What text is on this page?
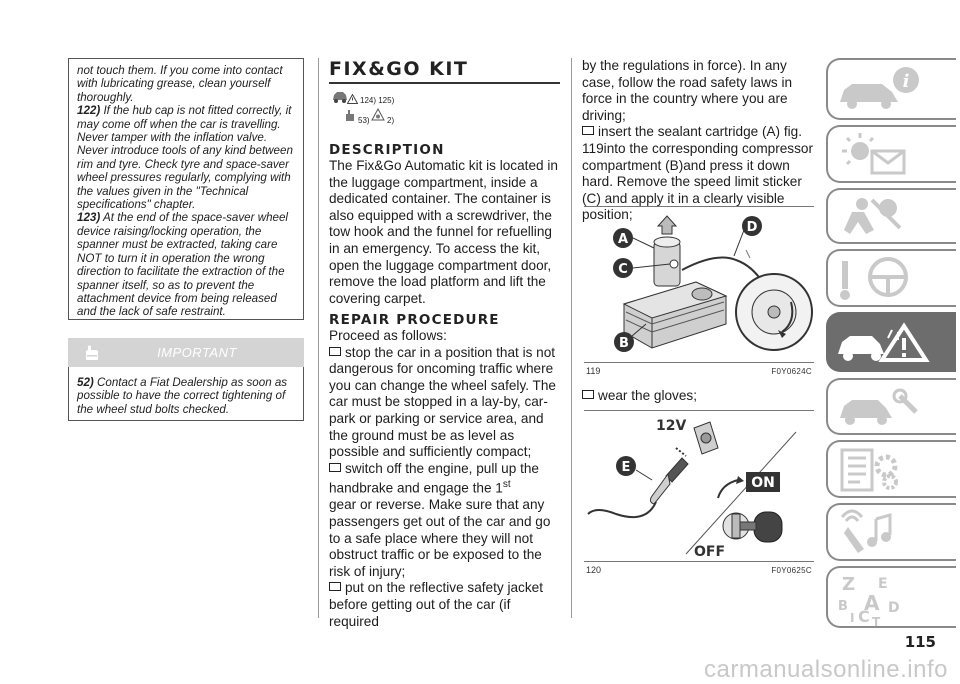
not touch them. If you come into contact with lubricating grease, clean yourself thoroughly.

122) If the hub cap is not fitted correctly, it may come off when the car is travelling. Never tamper with the inflation valve. Never introduce tools of any kind between rim and tyre. Check tyre and space-saver wheel pressures regularly, complying with the values given in the "Technical specifications" chapter.

123) At the end of the space-saver wheel device raising/locking operation, the spanner must be extracted, taking care NOT to turn it in operation the wrong direction to facilitate the extraction of the spanner itself, so as to prevent the attachment device from being released and the lack of safe restraint.

IMPORTANT
52) Contact a Fiat Dealership as soon as possible to have the correct tightening of the wheel stud bolts checked.
FIX&GO KIT
124) 125)
53) 2)
DESCRIPTION
The Fix&Go Automatic kit is located in the luggage compartment, inside a dedicated container. The container is also equipped with a screwdriver, the tow hook and the funnel for refuelling in an emergency. To access the kit, open the luggage compartment door, remove the load platform and lift the covering carpet.
REPAIR PROCEDURE

Proceed as follows:

stop the car in a position that is not dangerous for oncoming traffic where you can change the wheel safely. The car must be stopped in a lay-by, car-park or parking or service area, and the ground must be as level as possible and sufficiently compact;

switch off the engine, pull up the handbrake and engage the 1st
gear or reverse. Make sure that any passengers get out of the car and go to a safe place where they will not obstruct traffic or be exposed to the risk of injury;

put on the reflective safety jacket before getting out of the car (if required

by the regulations in force). In any case, follow the road safety laws in force in the country where you are driving;

insert the sealant cartridge (A) fig. 119into the corresponding compressor compartment (B)and press it down hard. Remove the speed limit sticker (C) and apply it in a clearly visible position;

A
B
C
D
119	F0Y0624C
wear the gloves;
12V
E
ON
OFF
120	F0Y0625C
i
Z E
B A
I C D
T
115
carmanualsonline.info
